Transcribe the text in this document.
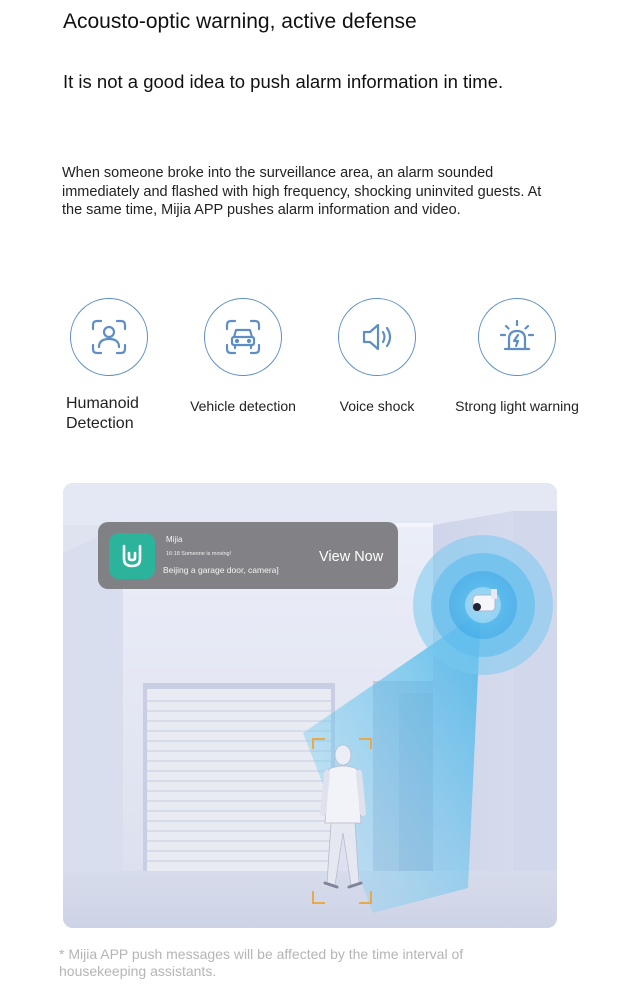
Acousto-optic warning, active defense
It is not a good idea to push alarm information in time.
When someone broke into the surveillance area, an alarm sounded immediately and flashed with high frequency, shocking uninvited guests. At the same time, Mijia APP pushes alarm information and video.
Humanoid
Detection
Vehicle detection	Voice shock	Strong light warning
Mijia
16:18 Someone is moving!
Beijing a garage door, camera]
View Now
* Mijia APP push messages will be affected by the time interval of housekeeping assistants.
